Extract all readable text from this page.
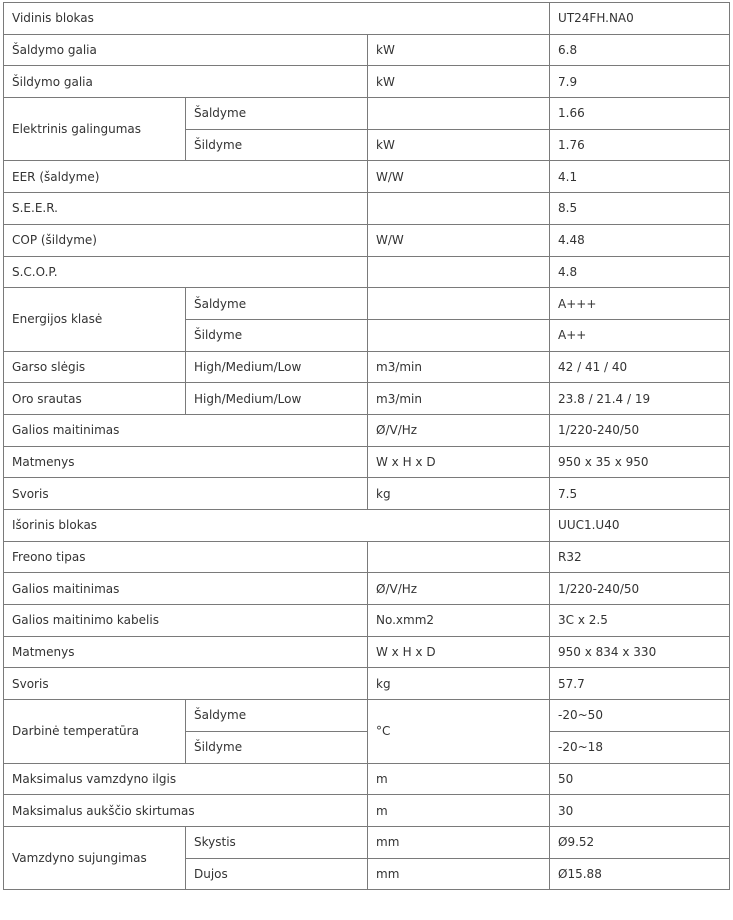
Vidinis blokas			UT24FH.NA0
Šaldymo galia		kW	6.8
Šildymo galia		kW	7.9
Elektrinis galingumas	Šaldyme		1.66
	Šildyme	kW	1.76
EER (šaldyme)		W/W	4.1
S.E.E.R.			8.5
COP (šildyme)		W/W	4.48
S.C.O.P.			4.8
Energijos klasė	Šaldyme		A+++
	Šildyme		A++
Garso slėgis	High/Medium/Low	m3/min	42 / 41 / 40
Oro srautas	High/Medium/Low	m3/min	23.8 / 21.4 / 19
Galios maitinimas		Ø/V/Hz	1/220-240/50
Matmenys		W x H x D	950 x 35 x 950
Svoris		kg	7.5
Išorinis blokas			UUC1.U40
Freono tipas			R32
Galios maitinimas		Ø/V/Hz	1/220-240/50
Galios maitinimo kabelis		No.xmm2	3C x 2.5
Matmenys		W x H x D	950 x 834 x 330
Svoris		kg	57.7
Darbinė temperatūra	Šaldyme	°C	-20~50
	Šildyme		-20~18
Maksimalus vamzdyno ilgis		m	50
Maksimalus aukščio skirtumas		m	30
Vamzdyno sujungimas	Skystis	mm	Ø9.52
	Dujos	mm	Ø15.88
